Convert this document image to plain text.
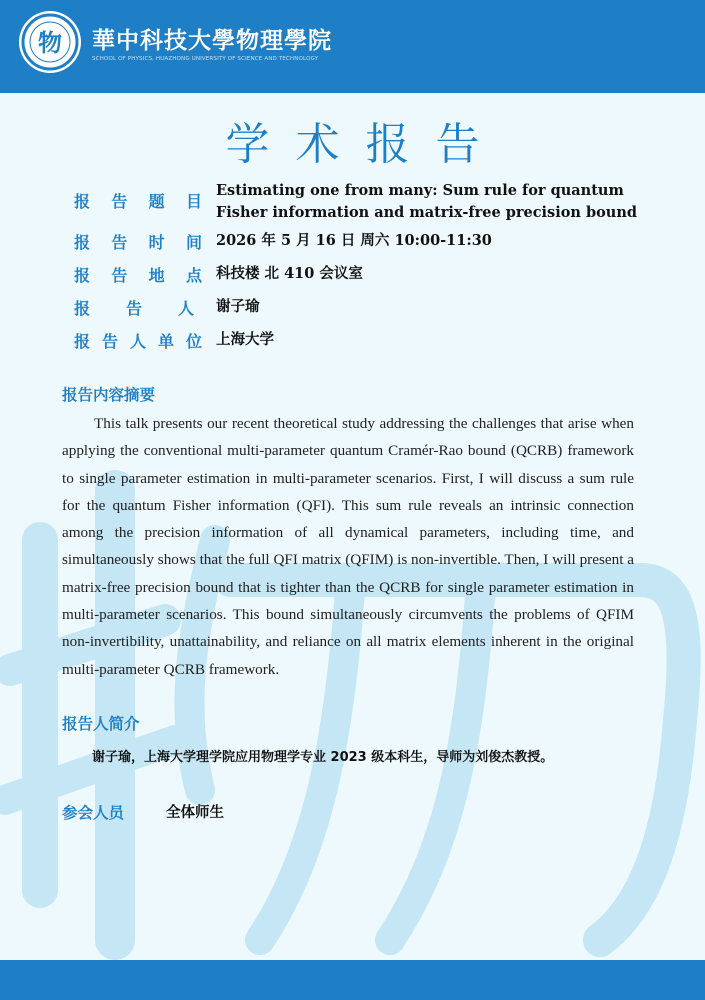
物 華中科技大學物理學院
SCHOOL OF PHYSICS, HUAZHONG UNIVERSITY OF SCIENCE AND TECHNOLOGY
学术报告
报 告 题 目
Estimating one from many: Sum rule for quantum Fisher information and matrix-free precision bound
报 告 时 间 2026 年 5 月 16 日 周六 10:00-11:30
报 告 地 点 科技楼 北 410 会议室
报 告 人 谢子瑜
报 告 人 单 位 上海大学
报告内容摘要

This talk presents our recent theoretical study addressing the challenges that arise when applying the conventional multi-parameter quantum Cramér-Rao bound (QCRB) framework to single parameter estimation in multi-parameter scenarios. First, I will discuss a sum rule for the quantum Fisher information (QFI). This sum rule reveals an intrinsic connection among the precision information of all dynamical parameters, including time, and simultaneously shows that the full QFI matrix (QFIM) is non-invertible. Then, I will present a matrix-free precision bound that is tighter than the QCRB for single parameter estimation in multi-parameter scenarios. This bound simultaneously circumvents the problems of QFIM non-invertibility, unattainability, and reliance on all matrix elements inherent in the original multi-parameter QCRB framework.

报告人简介
谢子瑜，上海大学理学院应用物理学专业 2023 级本科生，导师为刘俊杰教授。
参会人员	全体师生
